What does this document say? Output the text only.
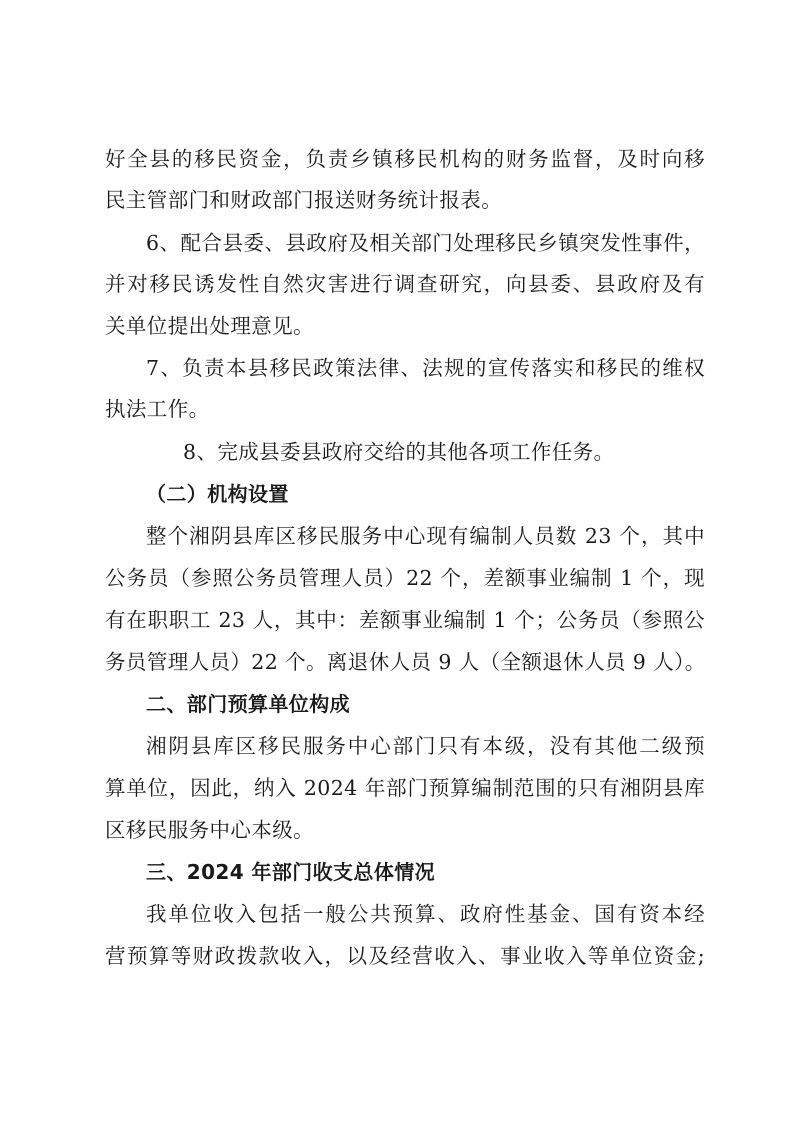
好全县的移民资金，负责乡镇移民机构的财务监督，及时向移
民主管部门和财政部门报送财务统计报表。
6、配合县委、县政府及相关部门处理移民乡镇突发性事件，
并对移民诱发性自然灾害进行调查研究，向县委、县政府及有
关单位提出处理意见。
7、负责本县移民政策法律、法规的宣传落实和移民的维权
执法工作。
8、完成县委县政府交给的其他各项工作任务。
（二）机构设置
整个湘阴县库区移民服务中心现有编制人员数 23 个，其中
公务员（参照公务员管理人员）22 个，差额事业编制 1 个，现
有在职职工 23 人，其中：差额事业编制 1 个；公务员（参照公
务员管理人员）22 个。离退休人员 9 人（全额退休人员 9 人）。
二、部门预算单位构成
湘阴县库区移民服务中心部门只有本级，没有其他二级预
算单位，因此，纳入 2024 年部门预算编制范围的只有湘阴县库
区移民服务中心本级。
三、2024 年部门收支总体情况
我单位收入包括一般公共预算、政府性基金、国有资本经
营预算等财政拨款收入，以及经营收入、事业收入等单位资金;
